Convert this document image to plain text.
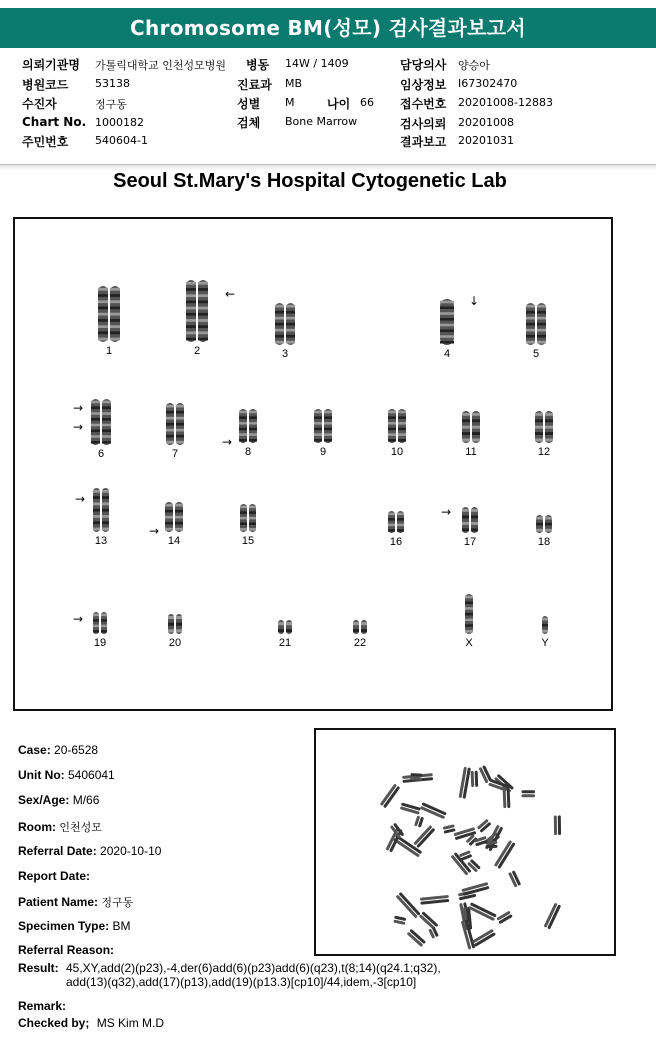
Chromosome BM(성모) 검사결과보고서
의뢰기관명 가톨릭대학교 인천성모병원 병동 14W / 1409	담당의사 양승아
병원코드 53138	진료과 MB	임상정보 I67302470
수진자	정구동	성별 M	나이 66 접수번호 20201008-12883
Chart No. 1000182	검체 Bone Marrow	검사의뢰 20201008
주민번호 540604-1	결과보고 20201031
Seoul St.Mary's Hospital Cytogenetic Lab
1	2	3	4	5
6	7	8	9	10	11	12
13	14	15	16	17	18
19	20	21	22	X	Y
←	↓
→
→
→
→
→
→
→
Case: 20-6528
Unit No: 5406041
Sex/Age: M/66
Room: 인천성모
Referral Date: 2020-10-10
Report Date:
Patient Name: 정구동
Specimen Type: BM
Referral Reason:
Result: 45,XY,add(2)(p23),-4,der(6)add(6)(p23)add(6)(q23),t(8;14)(q24.1;q32),
add(13)(q32),add(17)(p13),add(19)(p13.3)[cp10]/44,idem,-3[cp10]
Remark:
Checked by; MS Kim M.D
